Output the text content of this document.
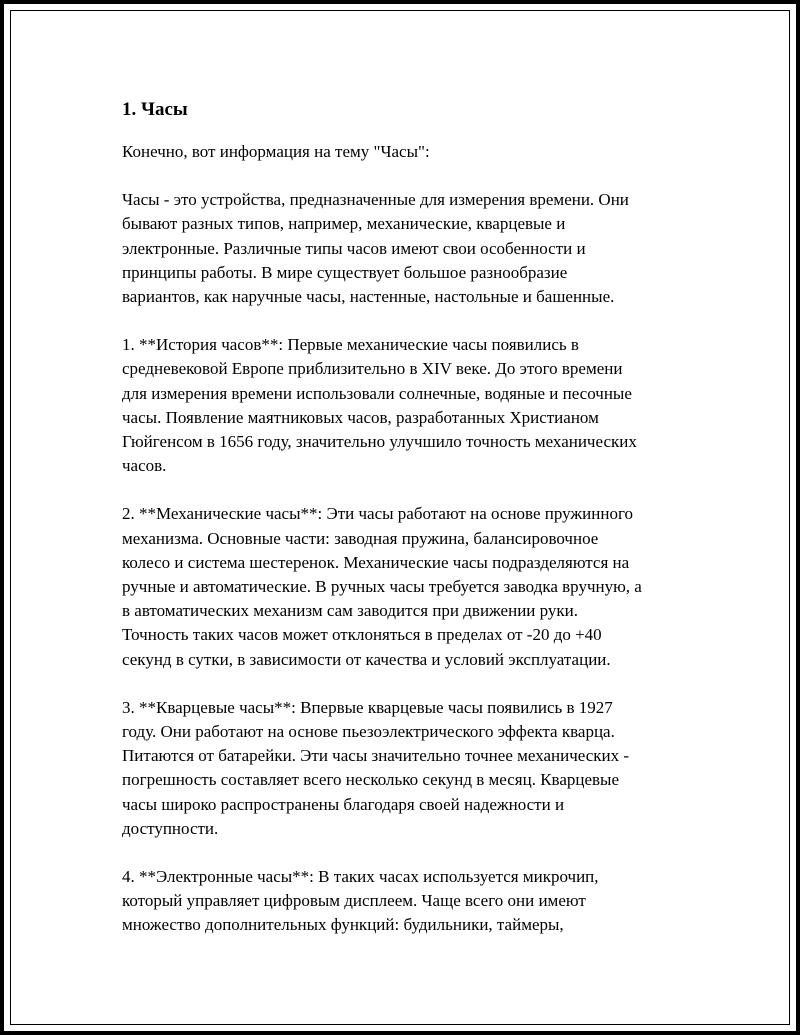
1. Часы
Конечно, вот информация на тему "Часы":
Часы - это устройства, предназначенные для измерения времени. Они
бывают разных типов, например, механические, кварцевые и
электронные. Различные типы часов имеют свои особенности и
принципы работы. В мире существует большое разнообразие
вариантов, как наручные часы, настенные, настольные и башенные.
1. **История часов**: Первые механические часы появились в
средневековой Европе приблизительно в XIV веке. До этого времени
для измерения времени использовали солнечные, водяные и песочные
часы. Появление маятниковых часов, разработанных Христианом
Гюйгенсом в 1656 году, значительно улучшило точность механических
часов.
2. **Механические часы**: Эти часы работают на основе пружинного
механизма. Основные части: заводная пружина, балансировочное
колесо и система шестеренок. Механические часы подразделяются на
ручные и автоматические. В ручных часы требуется заводка вручную, а
в автоматических механизм сам заводится при движении руки.
Точность таких часов может отклоняться в пределах от -20 до +40
секунд в сутки, в зависимости от качества и условий эксплуатации.
3. **Кварцевые часы**: Впервые кварцевые часы появились в 1927
году. Они работают на основе пьезоэлектрического эффекта кварца.
Питаются от батарейки. Эти часы значительно точнее механических -
погрешность составляет всего несколько секунд в месяц. Кварцевые
часы широко распространены благодаря своей надежности и
доступности.
4. **Электронные часы**: В таких часах используется микрочип,
который управляет цифровым дисплеем. Чаще всего они имеют
множество дополнительных функций: будильники, таймеры,
